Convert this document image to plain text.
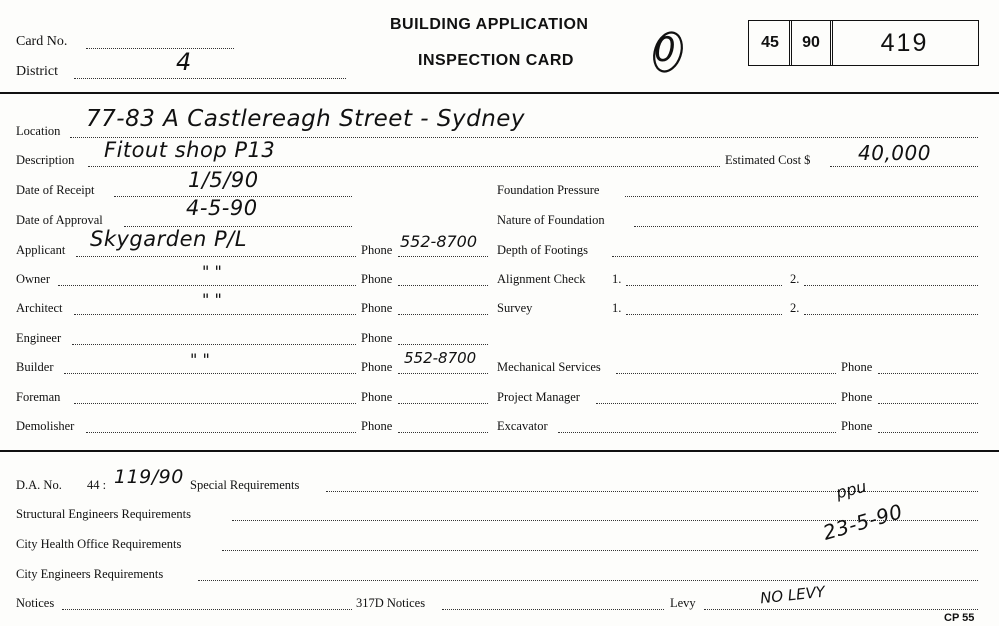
Card No.
District	4
BUILDING APPLICATION
INSPECTION CARD 0	45	90	419
Location 77-83 A Castlereagh Street - Sydney
Description Fitout shop P13	Estimated Cost $ 40,000
Date of Receipt	1/5/90	Foundation Pressure
Date of Approval	4-5-90	Nature of Foundation
Applicant Skygarden P/L	Phone 552-8700 Depth of Footings
Owner	" "	Phone	Alignment Check 1.	2.
Architect	" "	Phone	Survey	1.	2.
Engineer	Phone
Builder	" "	Phone 552-8700 Mechanical Services	Phone
Foreman	Phone	Project Manager	Phone
Demolisher	Phone	Excavator	Phone
D.A. No. 44 : 119/90 Special Requirements
Structural Engineers Requirements
ppu
23-5-90
City Health Office Requirements
City Engineers Requirements
Notices	317D Notices	Levy	NO LEVY
CP 55
